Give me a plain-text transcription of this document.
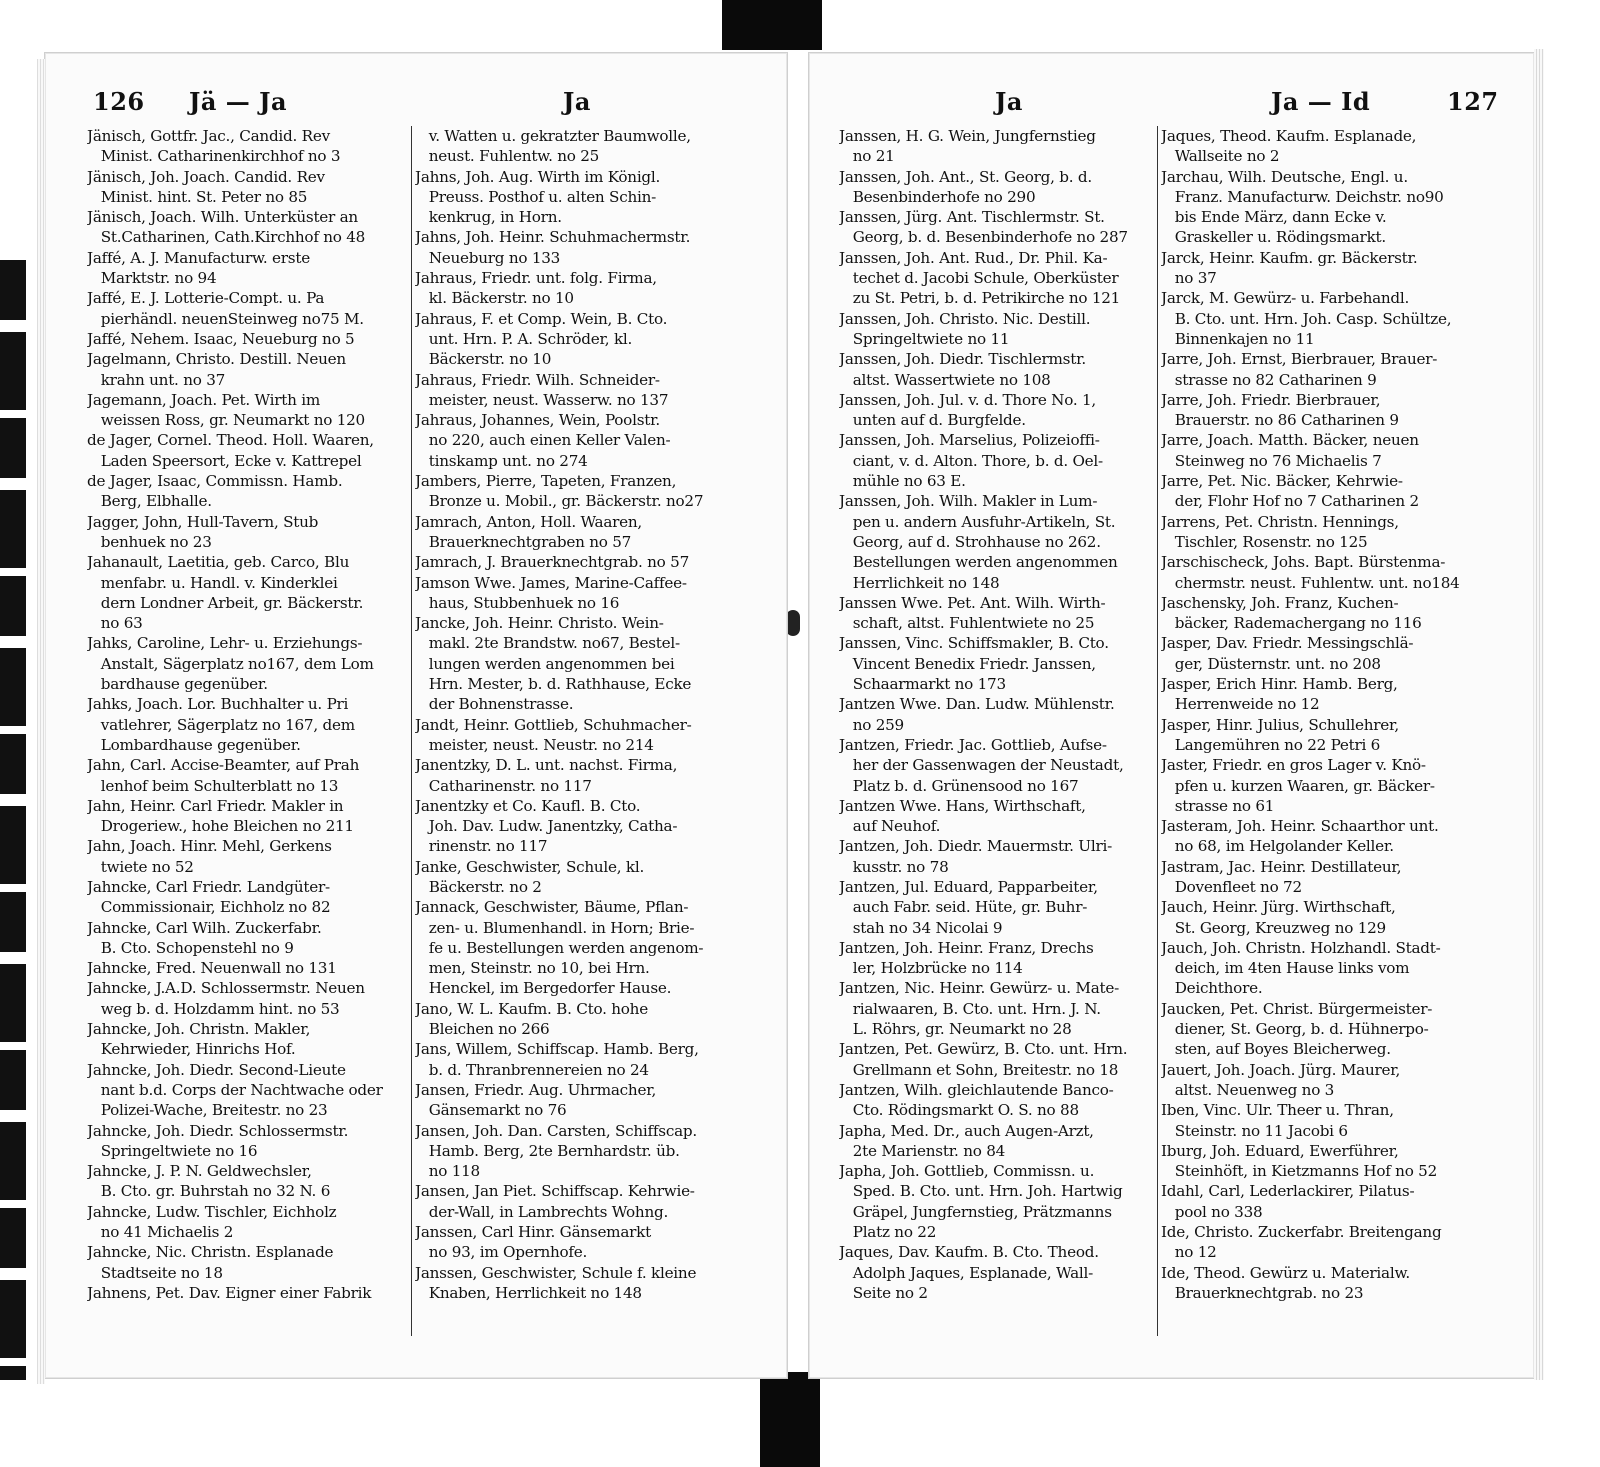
126 Jä — Ja	Ja
Jänisch, Gottfr. Jac., Candid. Rev
Minist. Catharinenkirchhof no 3
Jänisch, Joh. Joach. Candid. Rev
Minist. hint. St. Peter no 85
Jänisch, Joach. Wilh. Unterküster an
St.Catharinen, Cath.Kirchhof no 48
Jaffé, A. J. Manufacturw. erste
Marktstr. no 94
Jaffé, E. J. Lotterie-Compt. u. Pa
pierhändl. neuenSteinweg no75 M.
Jaffé, Nehem. Isaac, Neueburg no 5
Jagelmann, Christo. Destill. Neuen
krahn unt. no 37
Jagemann, Joach. Pet. Wirth im
weissen Ross, gr. Neumarkt no 120
de Jager, Cornel. Theod. Holl. Waaren,
Laden Speersort, Ecke v. Kattrepel
de Jager, Isaac, Commissn. Hamb.
Berg, Elbhalle.
Jagger, John, Hull-Tavern, Stub
benhuek no 23
Jahanault, Laetitia, geb. Carco, Blu
menfabr. u. Handl. v. Kinderklei
dern Londner Arbeit, gr. Bäckerstr.
no 63
Jahks, Caroline, Lehr- u. Erziehungs-
Anstalt, Sägerplatz no167, dem Lom
bardhause gegenüber.
Jahks, Joach. Lor. Buchhalter u. Pri
vatlehrer, Sägerplatz no 167, dem
Lombardhause gegenüber.
Jahn, Carl. Accise-Beamter, auf Prah
lenhof beim Schulterblatt no 13
Jahn, Heinr. Carl Friedr. Makler in
Drogeriew., hohe Bleichen no 211
Jahn, Joach. Hinr. Mehl, Gerkens
twiete no 52
Jahncke, Carl Friedr. Landgüter-
Commissionair, Eichholz no 82
Jahncke, Carl Wilh. Zuckerfabr.
B. Cto. Schopenstehl no 9
Jahncke, Fred. Neuenwall no 131
Jahncke, J.A.D. Schlossermstr. Neuen
weg b. d. Holzdamm hint. no 53
Jahncke, Joh. Christn. Makler,
Kehrwieder, Hinrichs Hof.
Jahncke, Joh. Diedr. Second-Lieute
nant b.d. Corps der Nachtwache oder
Polizei-Wache, Breitestr. no 23
Jahncke, Joh. Diedr. Schlossermstr.
Springeltwiete no 16
Jahncke, J. P. N. Geldwechsler,
B. Cto. gr. Buhrstah no 32 N. 6
Jahncke, Ludw. Tischler, Eichholz
no 41 Michaelis 2
Jahncke, Nic. Christn. Esplanade
Stadtseite no 18
Jahnens, Pet. Dav. Eigner einer Fabrik
v. Watten u. gekratzter Baumwolle,
neust. Fuhlentw. no 25
Jahns, Joh. Aug. Wirth im Königl.
Preuss. Posthof u. alten Schin-
kenkrug, in Horn.
Jahns, Joh. Heinr. Schuhmachermstr.
Neueburg no 133
Jahraus, Friedr. unt. folg. Firma,
kl. Bäckerstr. no 10
Jahraus, F. et Comp. Wein, B. Cto.
unt. Hrn. P. A. Schröder, kl.
Bäckerstr. no 10
Jahraus, Friedr. Wilh. Schneider-
meister, neust. Wasserw. no 137
Jahraus, Johannes, Wein, Poolstr.
no 220, auch einen Keller Valen-
tinskamp unt. no 274
Jambers, Pierre, Tapeten, Franzen,
Bronze u. Mobil., gr. Bäckerstr. no27
Jamrach, Anton, Holl. Waaren,
Brauerknechtgraben no 57
Jamrach, J. Brauerknechtgrab. no 57
Jamson Wwe. James, Marine-Caffee-
haus, Stubbenhuek no 16
Jancke, Joh. Heinr. Christo. Wein-
makl. 2te Brandstw. no67, Bestel-
lungen werden angenommen bei
Hrn. Mester, b. d. Rathhause, Ecke
der Bohnenstrasse.
Jandt, Heinr. Gottlieb, Schuhmacher-
meister, neust. Neustr. no 214
Janentzky, D. L. unt. nachst. Firma,
Catharinenstr. no 117
Janentzky et Co. Kaufl. B. Cto.
Joh. Dav. Ludw. Janentzky, Catha-
rinenstr. no 117
Janke, Geschwister, Schule, kl.
Bäckerstr. no 2
Jannack, Geschwister, Bäume, Pflan-
zen- u. Blumenhandl. in Horn; Brie-
fe u. Bestellungen werden angenom-
men, Steinstr. no 10, bei Hrn.
Henckel, im Bergedorfer Hause.
Jano, W. L. Kaufm. B. Cto. hohe
Bleichen no 266
Jans, Willem, Schiffscap. Hamb. Berg,
b. d. Thranbrennereien no 24
Jansen, Friedr. Aug. Uhrmacher,
Gänsemarkt no 76
Jansen, Joh. Dan. Carsten, Schiffscap.
Hamb. Berg, 2te Bernhardstr. üb.
no 118
Jansen, Jan Piet. Schiffscap. Kehrwie-
der-Wall, in Lambrechts Wohng.
Janssen, Carl Hinr. Gänsemarkt
no 93, im Opernhofe.
Janssen, Geschwister, Schule f. kleine
Knaben, Herrlichkeit no 148
Ja	Ja — Id	127
Janssen, H. G. Wein, Jungfernstieg
no 21
Janssen, Joh. Ant., St. Georg, b. d.
Besenbinderhofe no 290
Janssen, Jürg. Ant. Tischlermstr. St.
Georg, b. d. Besenbinderhofe no 287
Janssen, Joh. Ant. Rud., Dr. Phil. Ka-
techet d. Jacobi Schule, Oberküster
zu St. Petri, b. d. Petrikirche no 121
Janssen, Joh. Christo. Nic. Destill.
Springeltwiete no 11
Janssen, Joh. Diedr. Tischlermstr.
altst. Wassertwiete no 108
Janssen, Joh. Jul. v. d. Thore No. 1,
unten auf d. Burgfelde.
Janssen, Joh. Marselius, Polizeioffi-
ciant, v. d. Alton. Thore, b. d. Oel-
mühle no 63 E.
Janssen, Joh. Wilh. Makler in Lum-
pen u. andern Ausfuhr-Artikeln, St.
Georg, auf d. Strohhause no 262.
Bestellungen werden angenommen
Herrlichkeit no 148
Janssen Wwe. Pet. Ant. Wilh. Wirth-
schaft, altst. Fuhlentwiete no 25
Janssen, Vinc. Schiffsmakler, B. Cto.
Vincent Benedix Friedr. Janssen,
Schaarmarkt no 173
Jantzen Wwe. Dan. Ludw. Mühlenstr.
no 259
Jantzen, Friedr. Jac. Gottlieb, Aufse-
her der Gassenwagen der Neustadt,
Platz b. d. Grünensood no 167
Jantzen Wwe. Hans, Wirthschaft,
auf Neuhof.
Jantzen, Joh. Diedr. Mauermstr. Ulri-
kusstr. no 78
Jantzen, Jul. Eduard, Papparbeiter,
auch Fabr. seid. Hüte, gr. Buhr-
stah no 34 Nicolai 9
Jantzen, Joh. Heinr. Franz, Drechs
ler, Holzbrücke no 114
Jantzen, Nic. Heinr. Gewürz- u. Mate-
rialwaaren, B. Cto. unt. Hrn. J. N.
L. Röhrs, gr. Neumarkt no 28
Jantzen, Pet. Gewürz, B. Cto. unt. Hrn.
Grellmann et Sohn, Breitestr. no 18
Jantzen, Wilh. gleichlautende Banco-
Cto. Rödingsmarkt O. S. no 88
Japha, Med. Dr., auch Augen-Arzt,
2te Marienstr. no 84
Japha, Joh. Gottlieb, Commissn. u.
Sped. B. Cto. unt. Hrn. Joh. Hartwig
Gräpel, Jungfernstieg, Prätzmanns
Platz no 22
Jaques, Dav. Kaufm. B. Cto. Theod.
Adolph Jaques, Esplanade, Wall-
Seite no 2
Jaques, Theod. Kaufm. Esplanade,
Wallseite no 2
Jarchau, Wilh. Deutsche, Engl. u.
Franz. Manufacturw. Deichstr. no90
bis Ende März, dann Ecke v.
Graskeller u. Rödingsmarkt.
Jarck, Heinr. Kaufm. gr. Bäckerstr.
no 37
Jarck, M. Gewürz- u. Farbehandl.
B. Cto. unt. Hrn. Joh. Casp. Schültze,
Binnenkajen no 11
Jarre, Joh. Ernst, Bierbrauer, Brauer-
strasse no 82 Catharinen 9
Jarre, Joh. Friedr. Bierbrauer,
Brauerstr. no 86 Catharinen 9
Jarre, Joach. Matth. Bäcker, neuen
Steinweg no 76 Michaelis 7
Jarre, Pet. Nic. Bäcker, Kehrwie-
der, Flohr Hof no 7 Catharinen 2
Jarrens, Pet. Christn. Hennings,
Tischler, Rosenstr. no 125
Jarschischeck, Johs. Bapt. Bürstenma-
chermstr. neust. Fuhlentw. unt. no184
Jaschensky, Joh. Franz, Kuchen-
bäcker, Rademachergang no 116
Jasper, Dav. Friedr. Messingschlä-
ger, Düsternstr. unt. no 208
Jasper, Erich Hinr. Hamb. Berg,
Herrenweide no 12
Jasper, Hinr. Julius, Schullehrer,
Langemühren no 22 Petri 6
Jaster, Friedr. en gros Lager v. Knö-
pfen u. kurzen Waaren, gr. Bäcker-
strasse no 61
Jasteram, Joh. Heinr. Schaarthor unt.
no 68, im Helgolander Keller.
Jastram, Jac. Heinr. Destillateur,
Dovenfleet no 72
Jauch, Heinr. Jürg. Wirthschaft,
St. Georg, Kreuzweg no 129
Jauch, Joh. Christn. Holzhandl. Stadt-
deich, im 4ten Hause links vom
Deichthore.
Jaucken, Pet. Christ. Bürgermeister-
diener, St. Georg, b. d. Hühnerpo-
sten, auf Boyes Bleicherweg.
Jauert, Joh. Joach. Jürg. Maurer,
altst. Neuenweg no 3
Iben, Vinc. Ulr. Theer u. Thran,
Steinstr. no 11 Jacobi 6
Iburg, Joh. Eduard, Ewerführer,
Steinhöft, in Kietzmanns Hof no 52
Idahl, Carl, Lederlackirer, Pilatus-
pool no 338
Ide, Christo. Zuckerfabr. Breitengang
no 12
Ide, Theod. Gewürz u. Materialw.
Brauerknechtgrab. no 23
